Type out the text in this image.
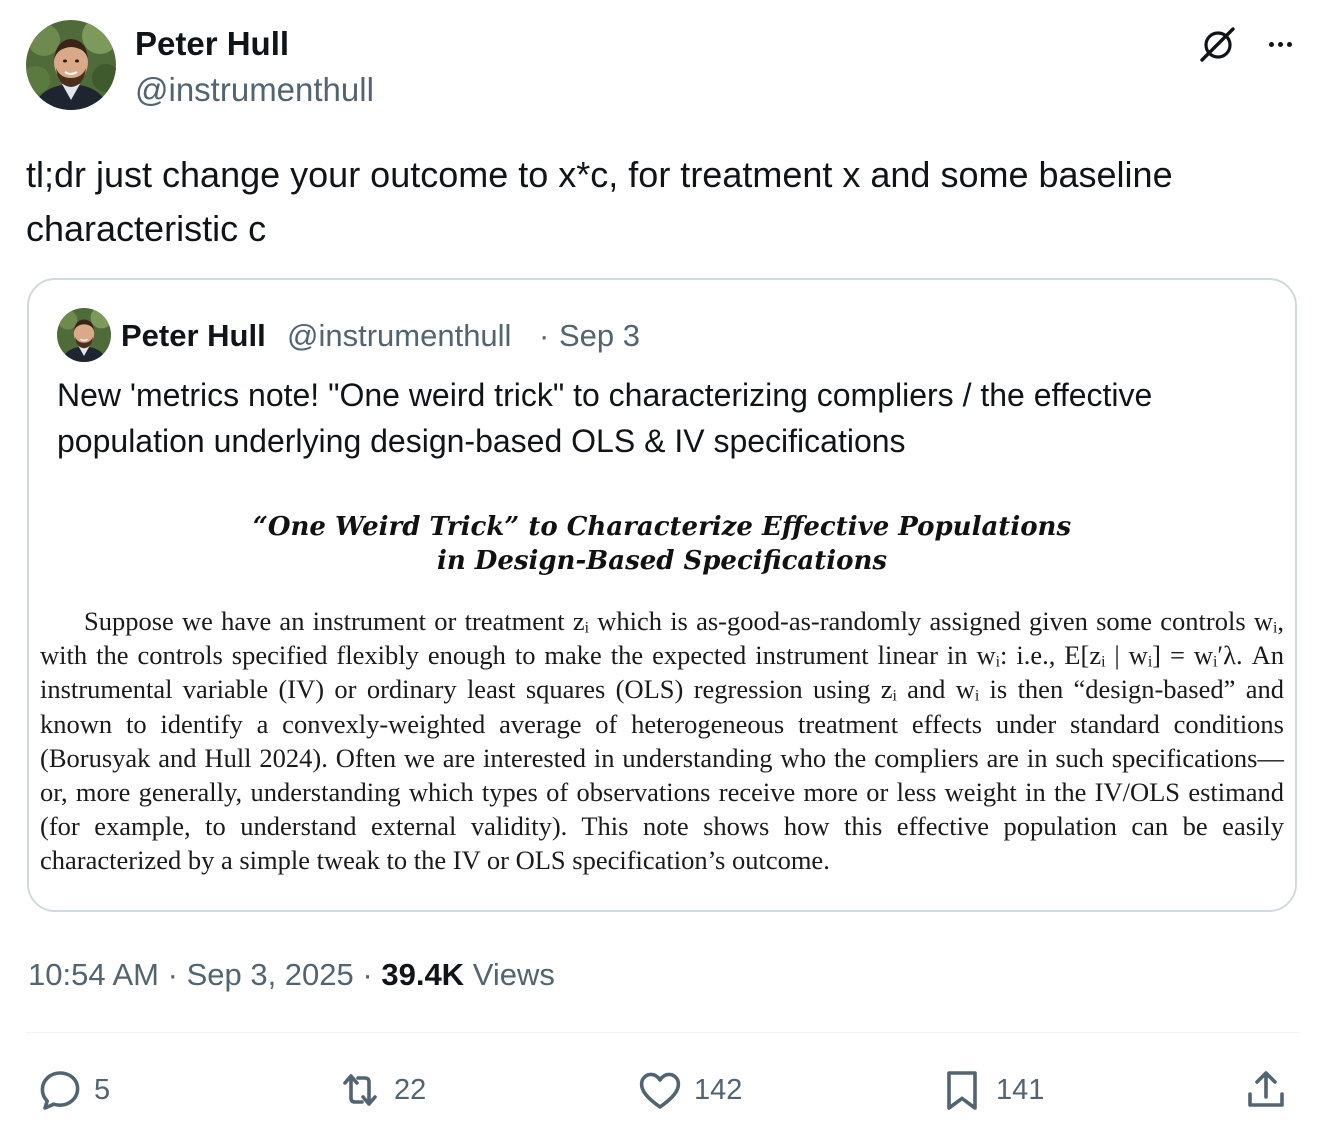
Peter Hull
@instrumenthull
tl;dr just change your outcome to x*c, for treatment x and some baseline characteristic c
Peter Hull @instrumenthull · Sep 3
New 'metrics note! "One weird trick" to characterizing compliers / the effective population underlying design-based OLS & IV specifications
“One Weird Trick” to Characterize Effective Populations
in Design-Based Specifications

Suppose we have an instrument or treatment zᵢ which is as-good-as-randomly assigned given some controls wᵢ, with the controls specified flexibly enough to make the expected instrument linear in wᵢ: i.e., E[zᵢ | wᵢ] = wᵢ′λ. An instrumental variable (IV) or ordinary least squares (OLS) regression using zᵢ and wᵢ is then “design-based” and known to identify a convexly-weighted average of heterogeneous treatment effects under standard conditions (Borusyak and Hull 2024). Often we are interested in understanding who the compliers are in such specifications—or, more generally, understanding which types of observations receive more or less weight in the IV/OLS estimand (for example, to understand external validity). This note shows how this effective population can be easily characterized by a simple tweak to the IV or OLS specification’s outcome.

10:54 AM · Sep 3, 2025 · 39.4K Views
5	22	142	141
